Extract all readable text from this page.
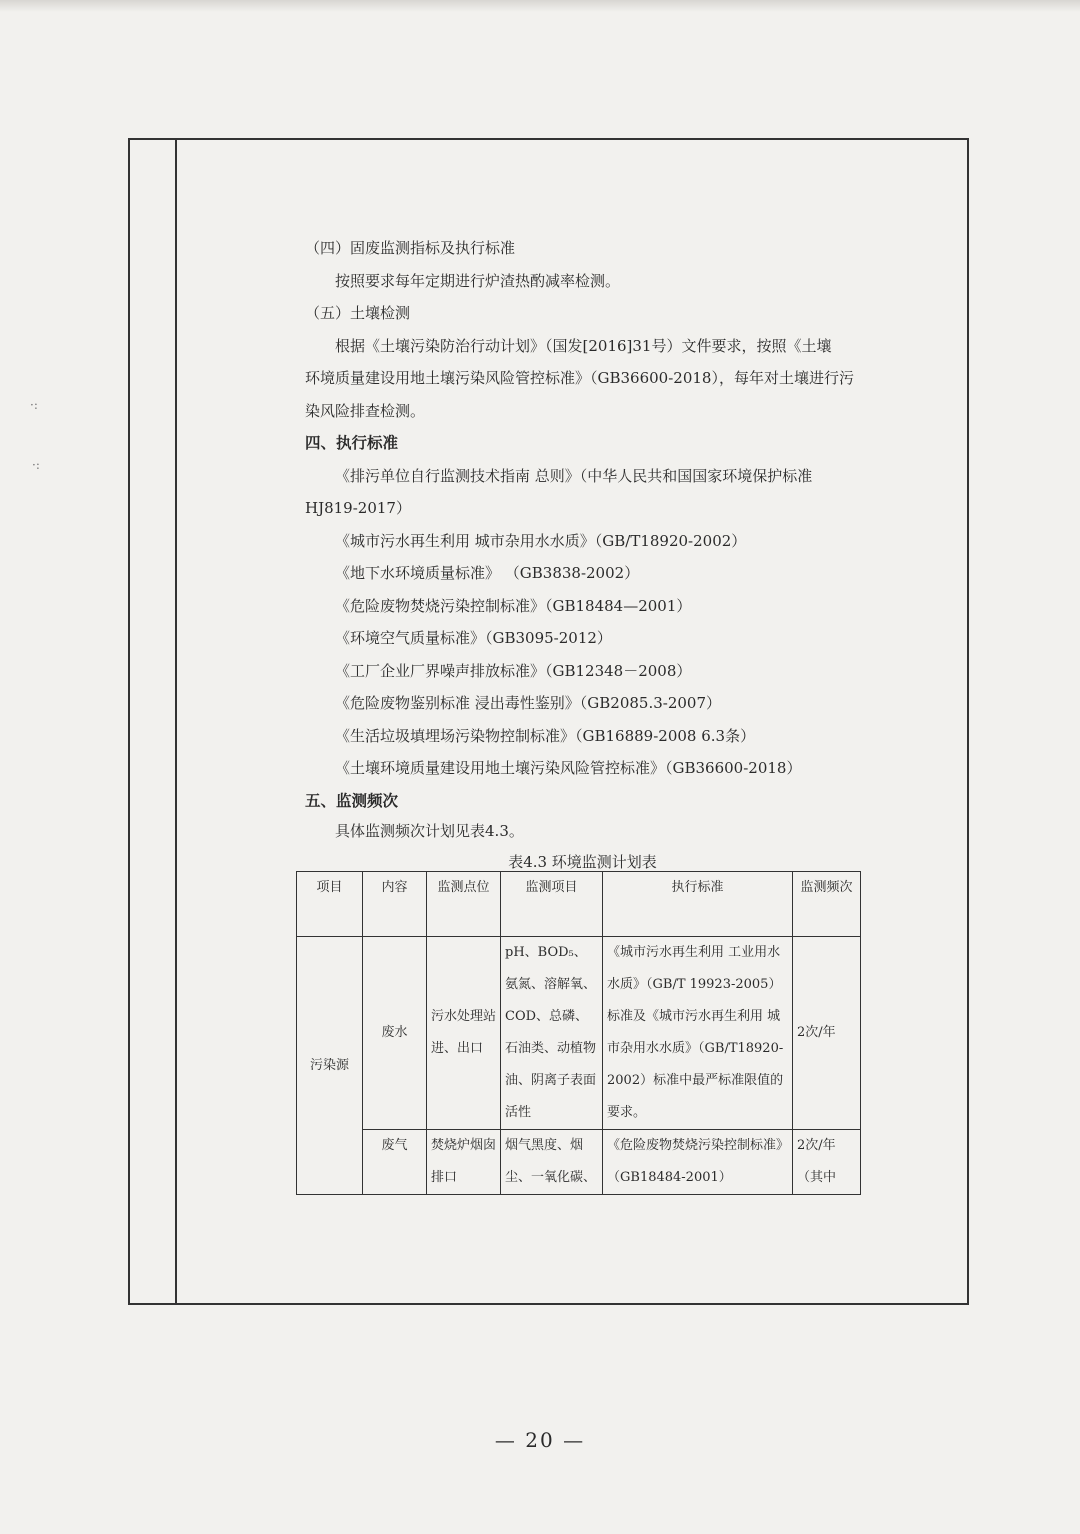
·:
·:

（四）固废监测指标及执行标准

按照要求每年定期进行炉渣热酌减率检测。

（五）土壤检测

根据《土壤污染防治行动计划》（国发[2016]31号）文件要求，按照《土壤

环境质量建设用地土壤污染风险管控标准》（GB36600-2018），每年对土壤进行污

染风险排查检测。

四、执行标准

《排污单位自行监测技术指南 总则》（中华人民共和国国家环境保护标准

HJ819-2017）

《城市污水再生利用 城市杂用水水质》（GB/T18920-2002）

《地下水环境质量标准》 （GB3838-2002）

《危险废物焚烧污染控制标准》（GB18484—2001）

《环境空气质量标准》（GB3095-2012）

《工厂企业厂界噪声排放标准》（GB12348－2008）

《危险废物鉴别标准 浸出毒性鉴别》（GB2085.3-2007）

《生活垃圾填埋场污染物控制标准》（GB16889-2008 6.3条）

《土壤环境质量建设用地土壤污染风险管控标准》（GB36600-2018）

五、监测频次

具体监测频次计划见表4.3。

表4.3 环境监测计划表

项目	内容	监测点位	监测项目	执行标准	监测频次
污染源	废水	污水处理站进、出口	pH、BOD₅、氨氮、溶解氧、COD、总磷、石油类、动植物油、阴离子表面活性	《城市污水再生利用 工业用水水质》（GB/T 19923-2005）标准及《城市污水再生利用 城市杂用水水质》（GB/T18920-2002）标准中最严标准限值的要求。	2次/年
	废气	焚烧炉烟囱排口	烟气黑度、烟尘、一氧化碳、	《危险废物焚烧污染控制标准》（GB18484-2001）	2次/年（其中
— 20 —
